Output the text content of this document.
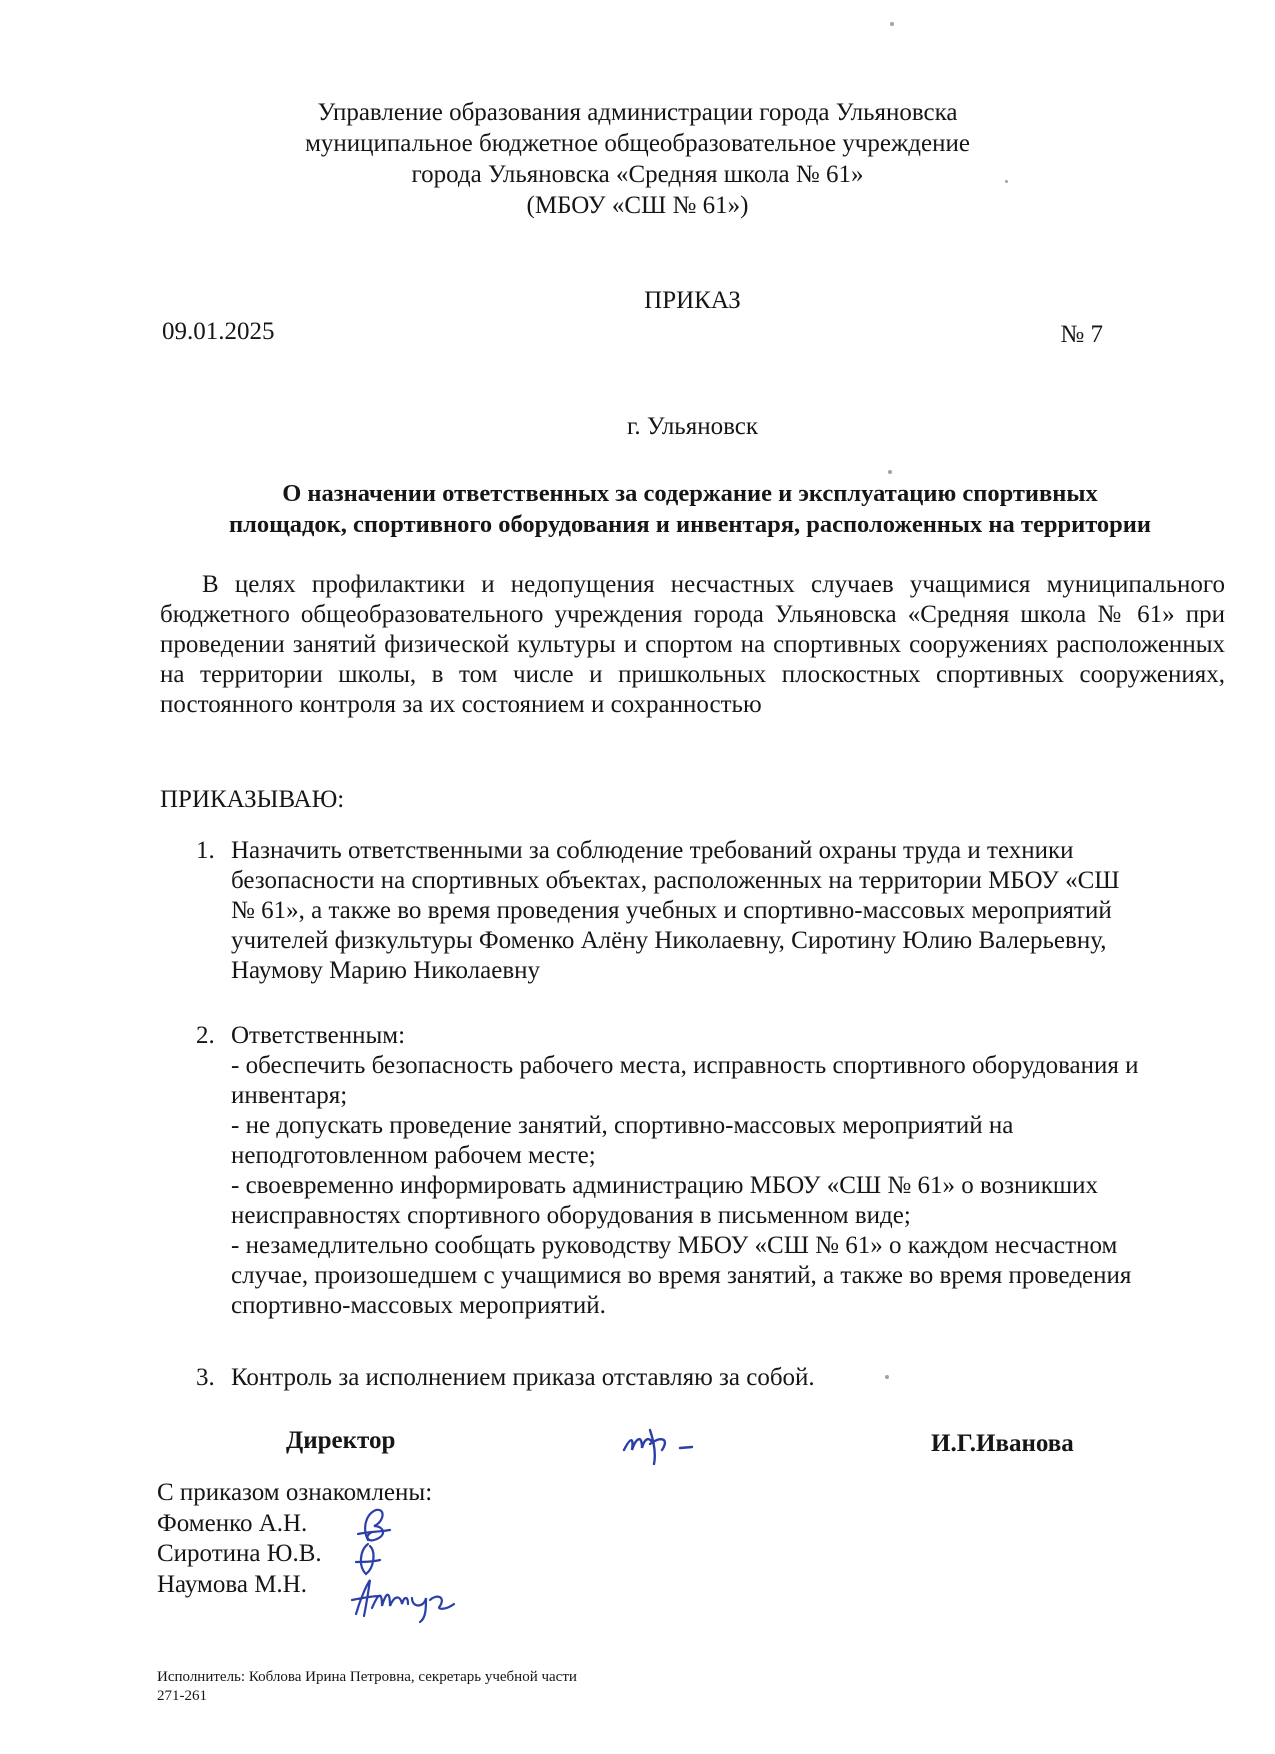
Управление образования администрации города Ульяновска
муниципальное бюджетное общеобразовательное учреждение
города Ульяновска «Средняя школа № 61»
(МБОУ «СШ № 61»)
ПРИКАЗ
09.01.2025	№ 7
г. Ульяновск
О назначении ответственных за содержание и эксплуатацию спортивных
площадок, спортивного оборудования и инвентаря, расположенных на территории
В целях профилактики и недопущения несчастных случаев учащимися муниципального бюджетного общеобразовательного учреждения города Ульяновска «Средняя школа № 61» при проведении занятий физической культуры и спортом на спортивных сооружениях расположенных на территории школы, в том числе и пришкольных плоскостных спортивных сооружениях, постоянного контроля за их состоянием и сохранностью
ПРИКАЗЫВАЮ:
1. Назначить ответственными за соблюдение требований охраны труда и техники
безопасности на спортивных объектах, расположенных на территории МБОУ «СШ
№ 61», а также во время проведения учебных и спортивно-массовых мероприятий
учителей физкультуры Фоменко Алёну Николаевну, Сиротину Юлию Валерьевну,
Наумову Марию Николаевну
2. Ответственным:
- обеспечить безопасность рабочего места, исправность спортивного оборудования и
инвентаря;
- не допускать проведение занятий, спортивно-массовых мероприятий на
неподготовленном рабочем месте;
- своевременно информировать администрацию МБОУ «СШ № 61» о возникших
неисправностях спортивного оборудования в письменном виде;
- незамедлительно сообщать руководству МБОУ «СШ № 61» о каждом несчастном
случае, произошедшем с учащимися во время занятий, а также во время проведения
спортивно-массовых мероприятий.
3. Контроль за исполнением приказа отставляю за собой.
Директор	И.Г.Иванова
С приказом ознакомлены:
Фоменко А.Н.
Сиротина Ю.В.
Наумова М.Н.
Исполнитель: Коблова Ирина Петровна, секретарь учебной части
271-261
